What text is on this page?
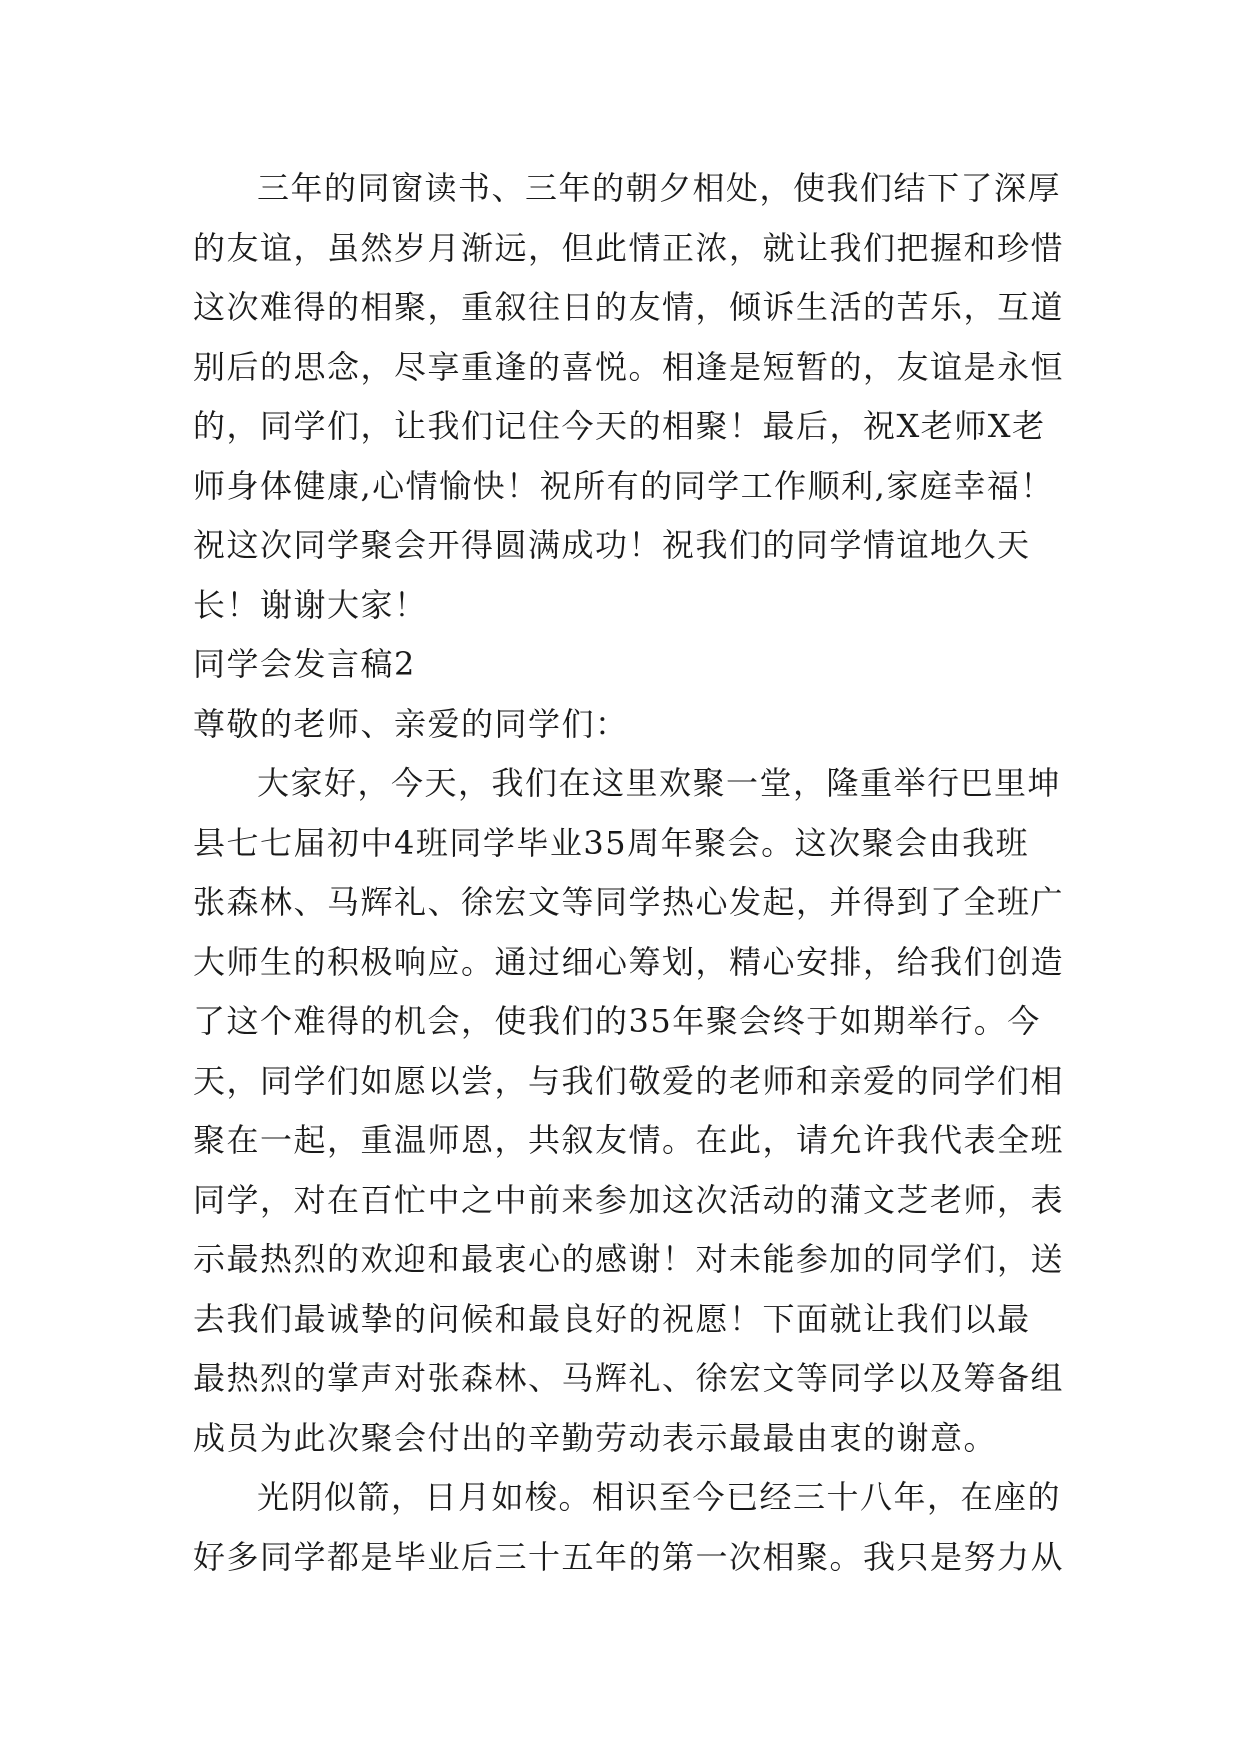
三年的同窗读书、三年的朝夕相处，使我们结下了深厚
的友谊，虽然岁月渐远，但此情正浓，就让我们把握和珍惜
这次难得的相聚，重叙往日的友情，倾诉生活的苦乐，互道
别后的思念，尽享重逢的喜悦。相逢是短暂的，友谊是永恒
的，同学们，让我们记住今天的相聚！最后，祝X老师X老
师身体健康,心情愉快！祝所有的同学工作顺利,家庭幸福！
祝这次同学聚会开得圆满成功！祝我们的同学情谊地久天
长！谢谢大家！
同学会发言稿2
尊敬的老师、亲爱的同学们：
大家好，今天，我们在这里欢聚一堂，隆重举行巴里坤
县七七届初中4班同学毕业35周年聚会。这次聚会由我班
张森林、马辉礼、徐宏文等同学热心发起，并得到了全班广
大师生的积极响应。通过细心筹划，精心安排，给我们创造
了这个难得的机会，使我们的35年聚会终于如期举行。今
天，同学们如愿以尝，与我们敬爱的老师和亲爱的同学们相
聚在一起，重温师恩，共叙友情。在此，请允许我代表全班
同学，对在百忙中之中前来参加这次活动的蒲文芝老师，表
示最热烈的欢迎和最衷心的感谢！对未能参加的同学们，送
去我们最诚挚的问候和最良好的祝愿！下面就让我们以最
最热烈的掌声对张森林、马辉礼、徐宏文等同学以及筹备组
成员为此次聚会付出的辛勤劳动表示最最由衷的谢意。
光阴似箭，日月如梭。相识至今已经三十八年，在座的
好多同学都是毕业后三十五年的第一次相聚。我只是努力从
